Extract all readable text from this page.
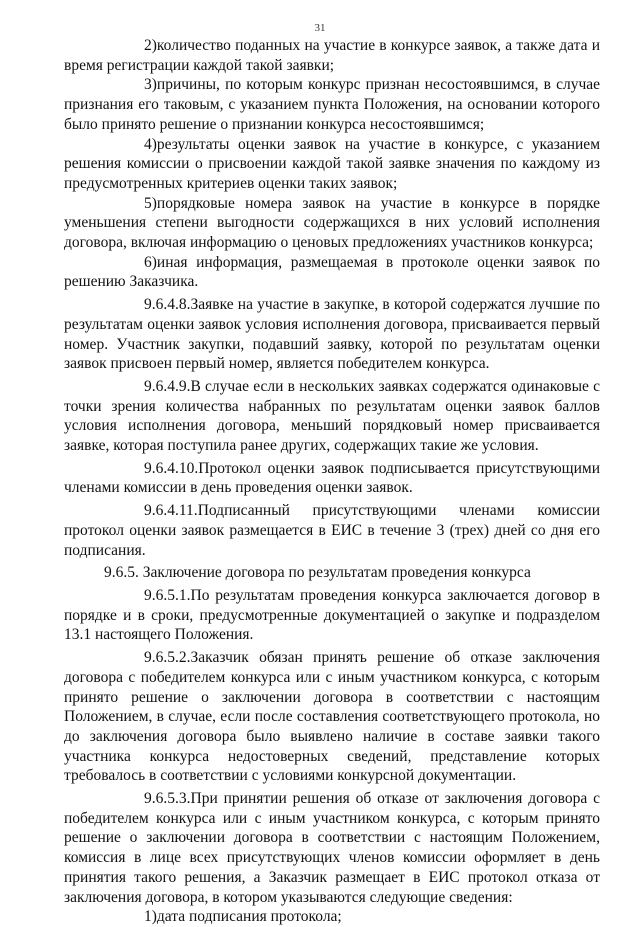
31

2)количество поданных на участие в конкурсе заявок, а также дата и время регистрации каждой такой заявки;

3)причины, по которым конкурс признан несостоявшимся, в случае признания его таковым, с указанием пункта Положения, на основании которого было принято решение о признании конкурса несостоявшимся;

4)результаты оценки заявок на участие в конкурсе, с указанием решения комиссии о присвоении каждой такой заявке значения по каждому из предусмотренных критериев оценки таких заявок;

5)порядковые номера заявок на участие в конкурсе в порядке уменьшения степени выгодности содержащихся в них условий исполнения договора, включая информацию о ценовых предложениях участников конкурса;

6)иная информация, размещаемая в протоколе оценки заявок по решению Заказчика.

9.6.4.8.Заявке на участие в закупке, в которой содержатся лучшие по результатам оценки заявок условия исполнения договора, присваивается первый номер. Участник закупки, подавший заявку, которой по результатам оценки заявок присвоен первый номер, является победителем конкурса.

9.6.4.9.В случае если в нескольких заявках содержатся одинаковые с точки зрения количества набранных по результатам оценки заявок баллов условия исполнения договора, меньший порядковый номер присваивается заявке, которая поступила ранее других, содержащих такие же условия.

9.6.4.10.Протокол оценки заявок подписывается присутствующими членами комиссии в день проведения оценки заявок.

9.6.4.11.Подписанный присутствующими членами комиссии протокол оценки заявок размещается в ЕИС в течение 3 (трех) дней со дня его подписания.

9.6.5. Заключение договора по результатам проведения конкурса

9.6.5.1.По результатам проведения конкурса заключается договор в порядке и в сроки, предусмотренные документацией о закупке и подразделом 13.1 настоящего Положения.

9.6.5.2.Заказчик обязан принять решение об отказе заключения договора с победителем конкурса или с иным участником конкурса, с которым принято решение о заключении договора в соответствии с настоящим Положением, в случае, если после составления соответствующего протокола, но до заключения договора было выявлено наличие в составе заявки такого участника конкурса недостоверных сведений, представление которых требовалось в соответствии с условиями конкурсной документации.

9.6.5.3.При принятии решения об отказе от заключения договора с победителем конкурса или с иным участником конкурса, с которым принято решение о заключении договора в соответствии с настоящим Положением, комиссия в лице всех присутствующих членов комиссии оформляет в день принятия такого решения, а Заказчик размещает в ЕИС протокол отказа от заключения договора, в котором указываются следующие сведения:

1)дата подписания протокола;
